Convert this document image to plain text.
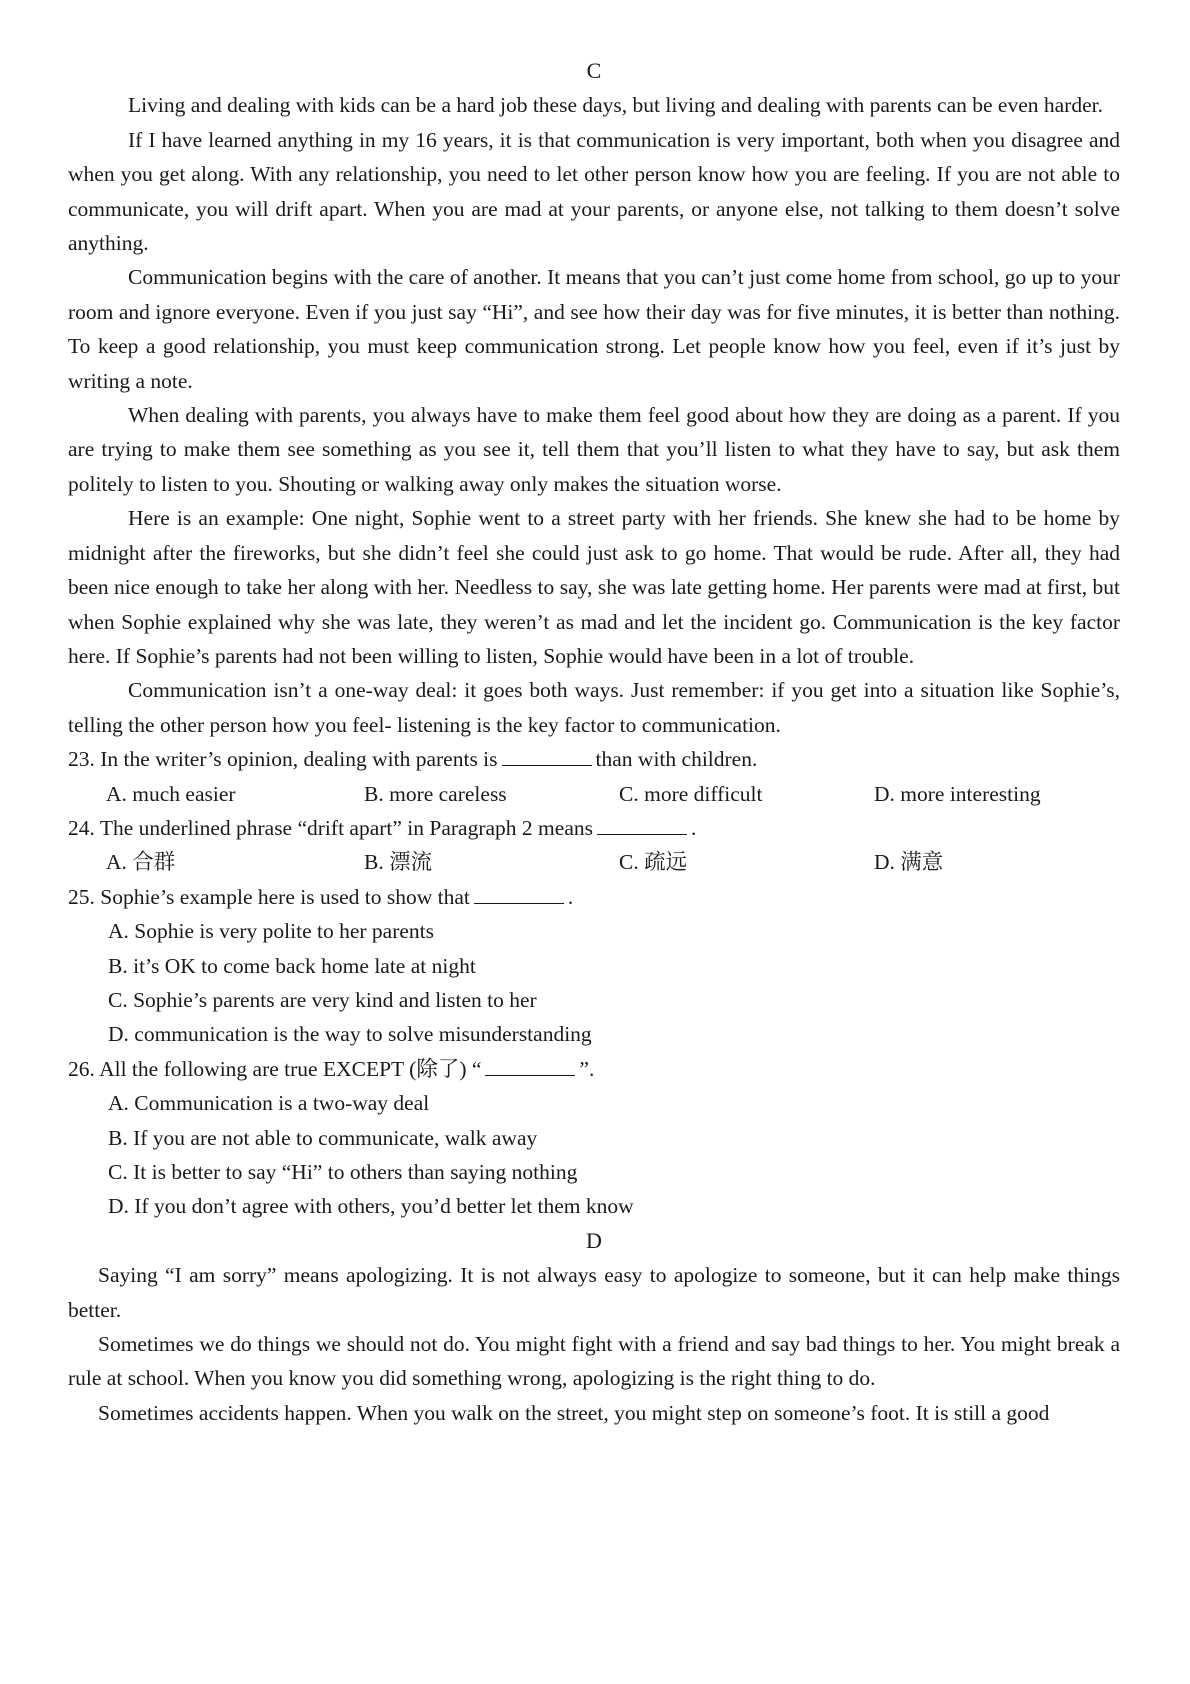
C

Living and dealing with kids can be a hard job these days, but living and dealing with parents can be even harder.

If I have learned anything in my 16 years, it is that communication is very important, both when you disagree and when you get along. With any relationship, you need to let other person know how you are feeling. If you are not able to communicate, you will drift apart. When you are mad at your parents, or anyone else, not talking to them doesn’t solve anything.

Communication begins with the care of another. It means that you can’t just come home from school, go up to your room and ignore everyone. Even if you just say “Hi”, and see how their day was for five minutes, it is better than nothing. To keep a good relationship, you must keep communication strong. Let people know how you feel, even if it’s just by writing a note.

When dealing with parents, you always have to make them feel good about how they are doing as a parent. If you are trying to make them see something as you see it, tell them that you’ll listen to what they have to say, but ask them politely to listen to you. Shouting or walking away only makes the situation worse.

Here is an example: One night, Sophie went to a street party with her friends. She knew she had to be home by midnight after the fireworks, but she didn’t feel she could just ask to go home. That would be rude. After all, they had been nice enough to take her along with her. Needless to say, she was late getting home. Her parents were mad at first, but when Sophie explained why she was late, they weren’t as mad and let the incident go. Communication is the key factor here. If Sophie’s parents had not been willing to listen, Sophie would have been in a lot of trouble.

Communication isn’t a one-way deal: it goes both ways. Just remember: if you get into a situation like Sophie’s, telling the other person how you feel- listening is the key factor to communication.

23. In the writer’s opinion, dealing with parents is	than with children.

A. much easier	B. more careless	C. more difficult	D. more interesting

24. The underlined phrase “drift apart” in Paragraph 2 means	.

A. 合群	B. 漂流	C. 疏远	D. 满意

25. Sophie’s example here is used to show that	.

A. Sophie is very polite to her parents

B. it’s OK to come back home late at night

C. Sophie’s parents are very kind and listen to her

D. communication is the way to solve misunderstanding

26. All the following are true EXCEPT (除了) “	”.

A. Communication is a two-way deal

B. If you are not able to communicate, walk away

C. It is better to say “Hi” to others than saying nothing

D. If you don’t agree with others, you’d better let them know

D

Saying “I am sorry” means apologizing. It is not always easy to apologize to someone, but it can help make things better.

Sometimes we do things we should not do. You might fight with a friend and say bad things to her. You might break a rule at school. When you know you did something wrong, apologizing is the right thing to do.

Sometimes accidents happen. When you walk on the street, you might step on someone’s foot. It is still a good
